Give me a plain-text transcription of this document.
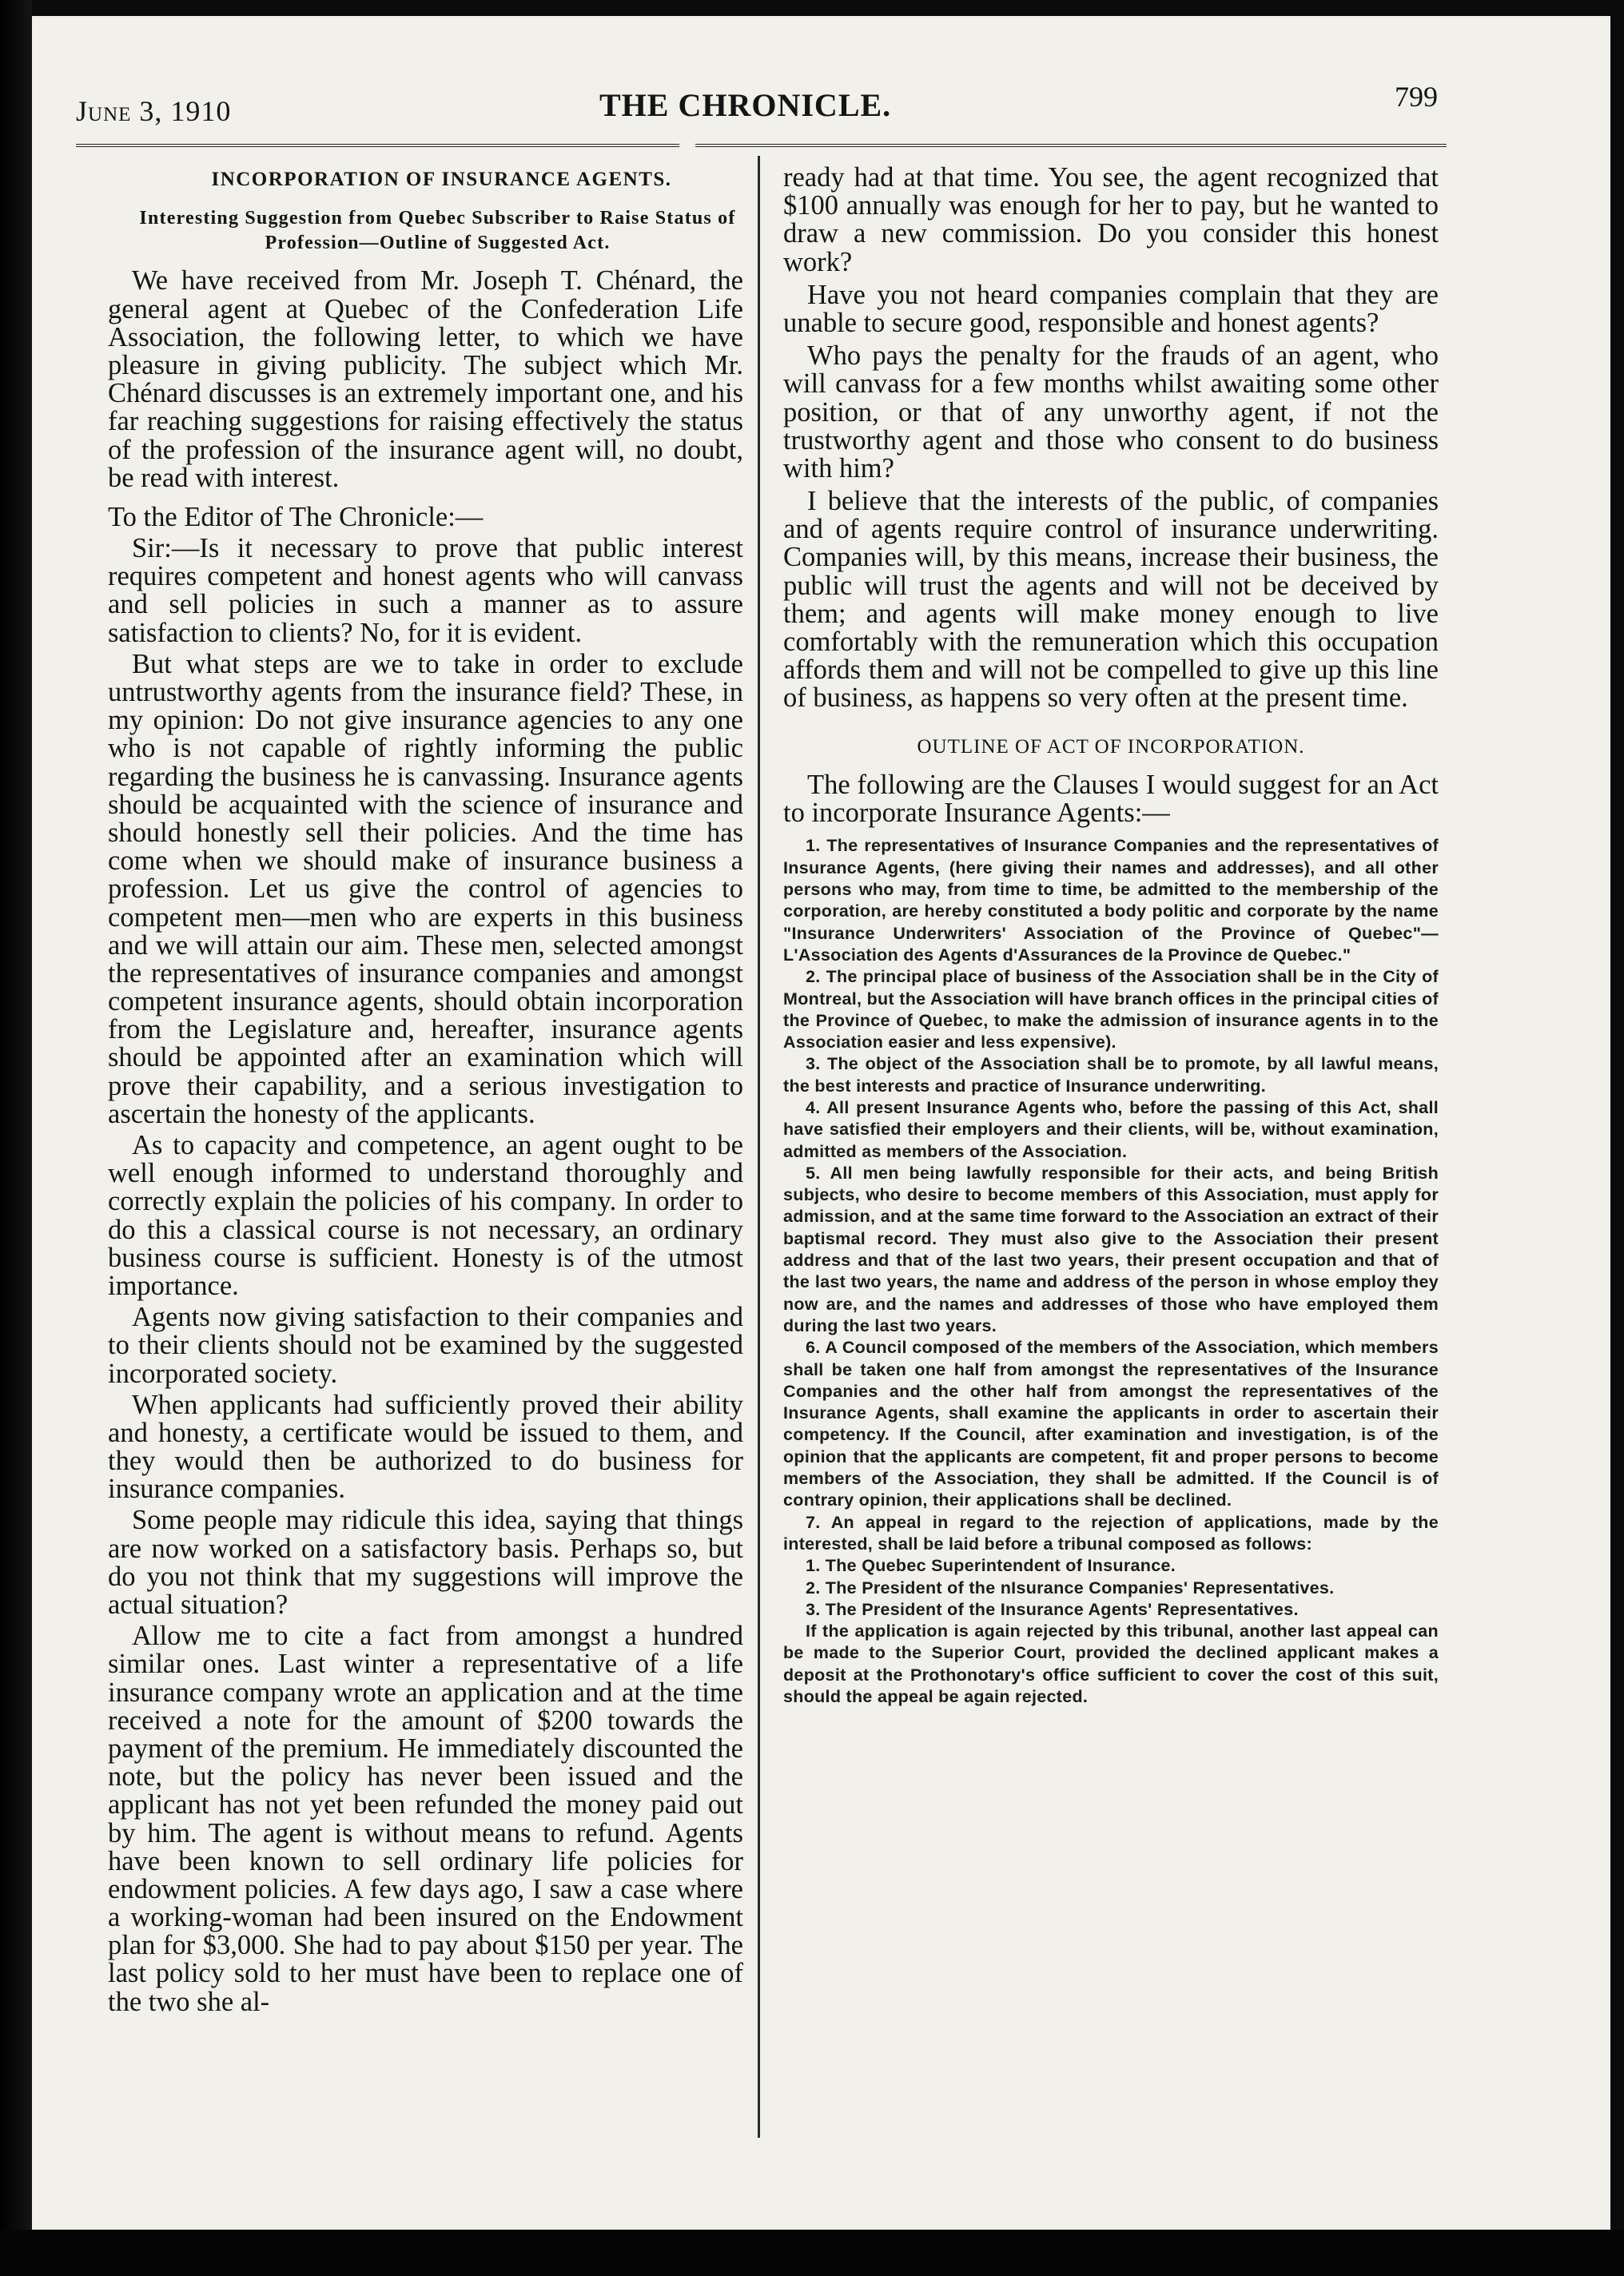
June 3, 1910	THE CHRONICLE.	799
INCORPORATION OF INSURANCE AGENTS.
Interesting Suggestion from Quebec Subscriber to Raise Status of Profession—Outline of Suggested Act.

We have received from Mr. Joseph T. Chénard, the general agent at Quebec of the Confederation Life Association, the following letter, to which we have pleasure in giving publicity. The subject which Mr. Chénard discusses is an extremely important one, and his far reaching suggestions for raising effectively the status of the profession of the insurance agent will, no doubt, be read with interest.

To the Editor of The Chronicle:—

Sir:—Is it necessary to prove that public interest requires competent and honest agents who will canvass and sell policies in such a manner as to assure satisfaction to clients? No, for it is evident.

But what steps are we to take in order to exclude untrustworthy agents from the insurance field? These, in my opinion: Do not give insurance agencies to any one who is not capable of rightly informing the public regarding the business he is canvassing. Insurance agents should be acquainted with the science of insurance and should honestly sell their policies. And the time has come when we should make of insurance business a profession. Let us give the control of agencies to competent men—men who are experts in this business and we will attain our aim. These men, selected amongst the representatives of insurance companies and amongst competent insurance agents, should obtain incorporation from the Legislature and, hereafter, insurance agents should be appointed after an examination which will prove their capability, and a serious investigation to ascertain the honesty of the applicants.

As to capacity and competence, an agent ought to be well enough informed to understand thoroughly and correctly explain the policies of his company. In order to do this a classical course is not necessary, an ordinary business course is sufficient. Honesty is of the utmost importance.

Agents now giving satisfaction to their companies and to their clients should not be examined by the suggested incorporated society.

When applicants had sufficiently proved their ability and honesty, a certificate would be issued to them, and they would then be authorized to do business for insurance companies.

Some people may ridicule this idea, saying that things are now worked on a satisfactory basis. Perhaps so, but do you not think that my suggestions will improve the actual situation?

Allow me to cite a fact from amongst a hundred similar ones. Last winter a representative of a life insurance company wrote an application and at the time received a note for the amount of $200 towards the payment of the premium. He immediately discounted the note, but the policy has never been issued and the applicant has not yet been refunded the money paid out by him. The agent is without means to refund. Agents have been known to sell ordinary life policies for endowment policies. A few days ago, I saw a case where a working-woman had been insured on the Endowment plan for $3,000. She had to pay about $150 per year. The last policy sold to her must have been to replace one of the two she al-

ready had at that time. You see, the agent recognized that $100 annually was enough for her to pay, but he wanted to draw a new commission. Do you consider this honest work?

Have you not heard companies complain that they are unable to secure good, responsible and honest agents?

Who pays the penalty for the frauds of an agent, who will canvass for a few months whilst awaiting some other position, or that of any unworthy agent, if not the trustworthy agent and those who consent to do business with him?

I believe that the interests of the public, of companies and of agents require control of insurance underwriting. Companies will, by this means, increase their business, the public will trust the agents and will not be deceived by them; and agents will make money enough to live comfortably with the remuneration which this occupation affords them and will not be compelled to give up this line of business, as happens so very often at the present time.

OUTLINE OF ACT OF INCORPORATION.

The following are the Clauses I would suggest for an Act to incorporate Insurance Agents:—

1. The representatives of Insurance Companies and the representatives of Insurance Agents, (here giving their names and addresses), and all other persons who may, from time to time, be admitted to the membership of the corporation, are hereby constituted a body politic and corporate by the name "Insurance Underwriters' Association of the Province of Quebec"—L'Association des Agents d'Assurances de la Province de Quebec."

2. The principal place of business of the Association shall be in the City of Montreal, but the Association will have branch offices in the principal cities of the Province of Quebec, to make the admission of insurance agents in to the Association easier and less expensive).

3. The object of the Association shall be to promote, by all lawful means, the best interests and practice of Insurance underwriting.

4. All present Insurance Agents who, before the passing of this Act, shall have satisfied their employers and their clients, will be, without examination, admitted as members of the Association.

5. All men being lawfully responsible for their acts, and being British subjects, who desire to become members of this Association, must apply for admission, and at the same time forward to the Association an extract of their baptismal record. They must also give to the Association their present address and that of the last two years, their present occupation and that of the last two years, the name and address of the person in whose employ they now are, and the names and addresses of those who have employed them during the last two years.

6. A Council composed of the members of the Association, which members shall be taken one half from amongst the representatives of the Insurance Companies and the other half from amongst the representatives of the Insurance Agents, shall examine the applicants in order to ascertain their competency. If the Council, after examination and investigation, is of the opinion that the applicants are competent, fit and proper persons to become members of the Association, they shall be admitted. If the Council is of contrary opinion, their applications shall be declined.

7. An appeal in regard to the rejection of applications, made by the interested, shall be laid before a tribunal composed as follows:

1. The Quebec Superintendent of Insurance.

2. The President of the nIsurance Companies' Representatives.

3. The President of the Insurance Agents' Representatives.

If the application is again rejected by this tribunal, another last appeal can be made to the Superior Court, provided the declined applicant makes a deposit at the Prothonotary's office sufficient to cover the cost of this suit, should the appeal be again rejected.
